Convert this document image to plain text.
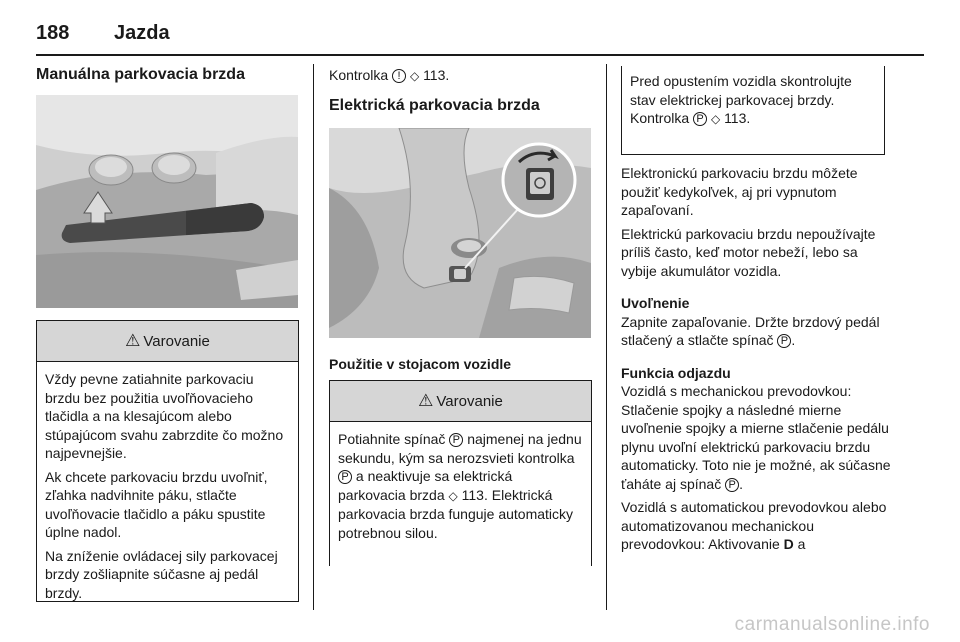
188 Jazda
Manuálna parkovacia brzda
⚠ Varovanie

Vždy pevne zatiahnite parkovaciu brzdu bez použitia uvoľňovacieho tlačidla a na klesajúcom alebo stúpajúcom svahu zabrzdite čo možno najpevnejšie.

Ak chcete parkovaciu brzdu uvoľniť, zľahka nadvihnite páku, stlačte uvoľňovacie tlačidlo a páku spustite úplne nadol.

Na zníženie ovládacej sily parkovacej brzdy zošliapnite súčasne aj pedál brzdy.

Kontrolka ! ◇ 113.
Elektrická parkovacia brzda
Použitie v stojacom vozidle
⚠ Varovanie
Potiahnite spínač P najmenej na jednu sekundu, kým sa nerozsvieti kontrolka P a neaktivuje sa elektrická parkovacia brzda ◇ 113. Elektrická parkovacia brzda funguje automaticky potrebnou silou.
Pred opustením vozidla skontrolujte stav elektrickej parkovacej brzdy. Kontrolka P ◇ 113.

Elektronickú parkovaciu brzdu môžete použiť kedykoľvek, aj pri vypnutom zapaľovaní.

Elektrickú parkovaciu brzdu nepoužívajte príliš často, keď motor nebeží, lebo sa vybije akumulátor vozidla.

Uvoľnenie

Zapnite zapaľovanie. Držte brzdový pedál stlačený a stlačte spínač P .

Funkcia odjazdu

Vozidlá s mechanickou prevodovkou: Stlačenie spojky a následné mierne uvoľnenie spojky a mierne stlačenie pedálu plynu uvoľní elektrickú parkovaciu brzdu automaticky. Toto nie je možné, ak súčasne ťaháte aj spínač P .

Vozidlá s automatickou prevodovkou alebo automatizovanou mechanickou prevodovkou: Aktivovanie D a

carmanualsonline.info
